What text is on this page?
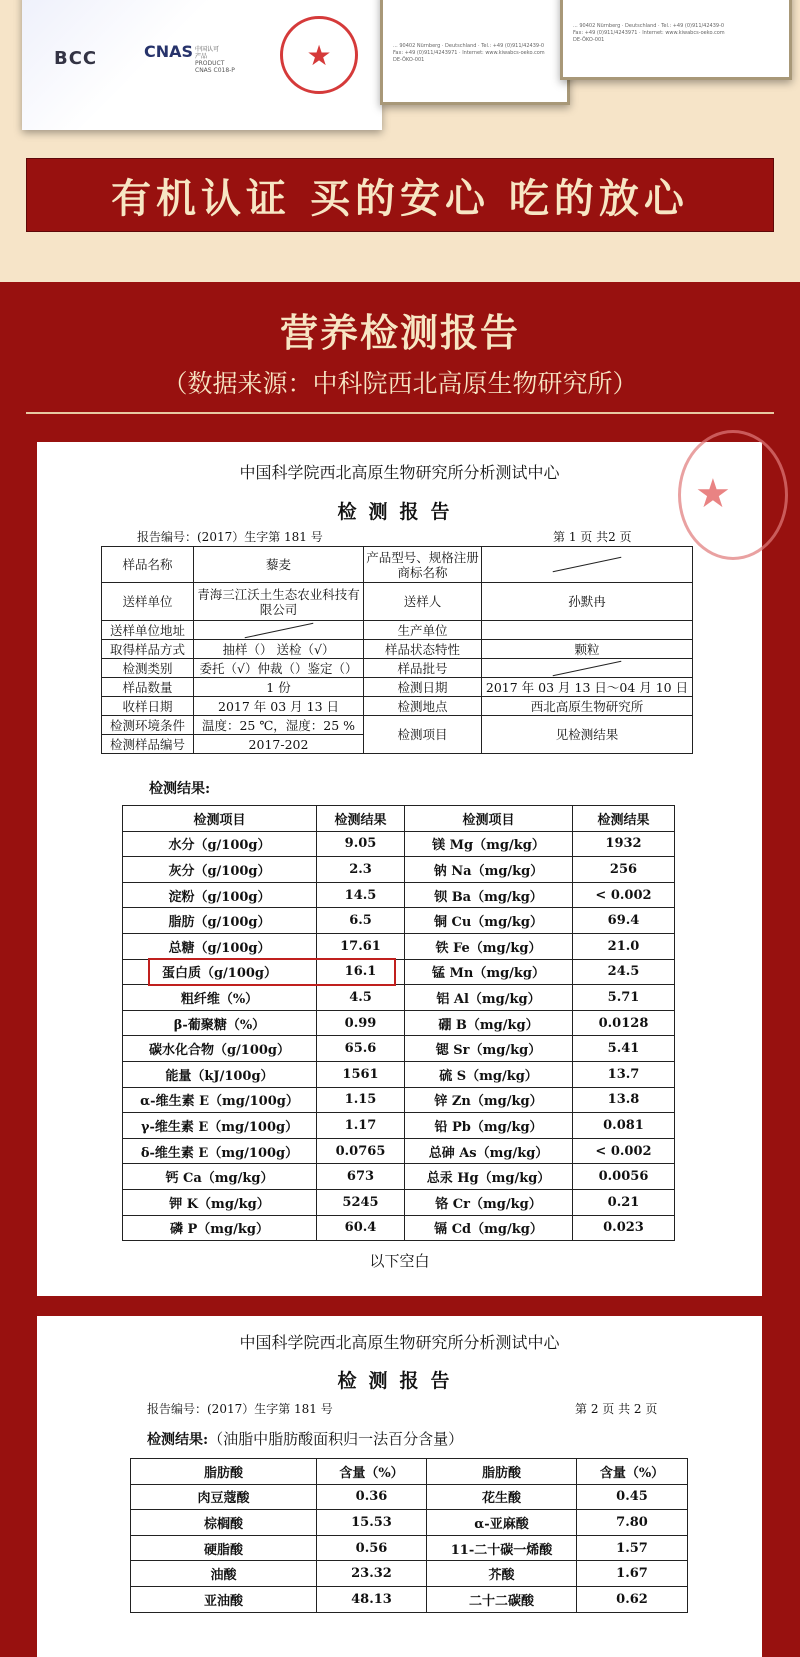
BCC	CNAS 中国认可
产品
PRODUCT
CNAS C018-P	★	... 90402 Nürnberg · Deutschland · Tel.: +49 (0)911/42439-0
Fax: +49 (0)911/4243971 · Internet: www.kiwabcs-oeko.com
DE-ÖKO-001
... 90402 Nürnberg · Deutschland · Tel.: +49 (0)911/42439-0
Fax: +49 (0)911/4243971 · Internet: www.kiwabcs-oeko.com
DE-ÖKO-001
有机认证 买的安心 吃的放心
营养检测报告
（数据来源：中科院西北高原生物研究所）
中国科学院西北高原生物研究所分析测试中心
检测报告
报告编号：(2017）生字第 181 号	第 1 页 共2 页
样品名称	藜麦	产品型号、规格注册商标名称	

送样单位	青海三江沃土生态农业科技有限公司	送样人	孙默冉
送样单位地址		生产单位	
取得样品方式	抽样（） 送检（√）	样品状态特性	颗粒
检测类别	委托（√）仲裁（）鉴定（）	样品批号	

样品数量	1 份	检测日期	2017 年 03 月 13 日～04 月 10 日
收样日期	2017 年 03 月 13 日	检测地点	西北高原生物研究所
检测环境条件	温度：25 ℃，湿度：25 %	检测项目	见检测结果
检测样品编号	2017-202		
检测结果:
检测项目	检测结果	检测项目	检测结果
水分（g/100g）	9.05	镁 Mg（mg/kg）	1932
灰分（g/100g）	2.3	钠 Na（mg/kg）	256
淀粉（g/100g）	14.5	钡 Ba（mg/kg）	< 0.002
脂肪（g/100g）	6.5	铜 Cu（mg/kg）	69.4
总糖（g/100g）	17.61	铁 Fe（mg/kg）	21.0
蛋白质（g/100g）	16.1	锰 Mn（mg/kg）	24.5
粗纤维（%）	4.5	铝 Al（mg/kg）	5.71
β-葡聚糖（%）	0.99	硼 B（mg/kg）	0.0128
碳水化合物（g/100g）	65.6	锶 Sr（mg/kg）	5.41
能量（kJ/100g）	1561	硫 S（mg/kg）	13.7
α-维生素 E（mg/100g）	1.15	锌 Zn（mg/kg）	13.8
γ-维生素 E（mg/100g）	1.17	铅 Pb（mg/kg）	0.081
δ-维生素 E（mg/100g）	0.0765	总砷 As（mg/kg）	< 0.002
钙 Ca（mg/kg）	673	总汞 Hg（mg/kg）	0.0056
钾 K（mg/kg）	5245	铬 Cr（mg/kg）	0.21
磷 P（mg/kg）	60.4	镉 Cd（mg/kg）	0.023
以下空白
★
中国科学院西北高原生物研究所分析测试中心
检测报告
报告编号：(2017）生字第 181 号	第 2 页 共 2 页
检测结果:（油脂中脂肪酸面积归一法百分含量）
脂肪酸	含量（%）	脂肪酸	含量（%）
肉豆蔻酸	0.36	花生酸	0.45
棕榈酸	15.53	α-亚麻酸	7.80
硬脂酸	0.56	11-二十碳一烯酸	1.57
油酸	23.32	芥酸	1.67
亚油酸	48.13	二十二碳酸	0.62
